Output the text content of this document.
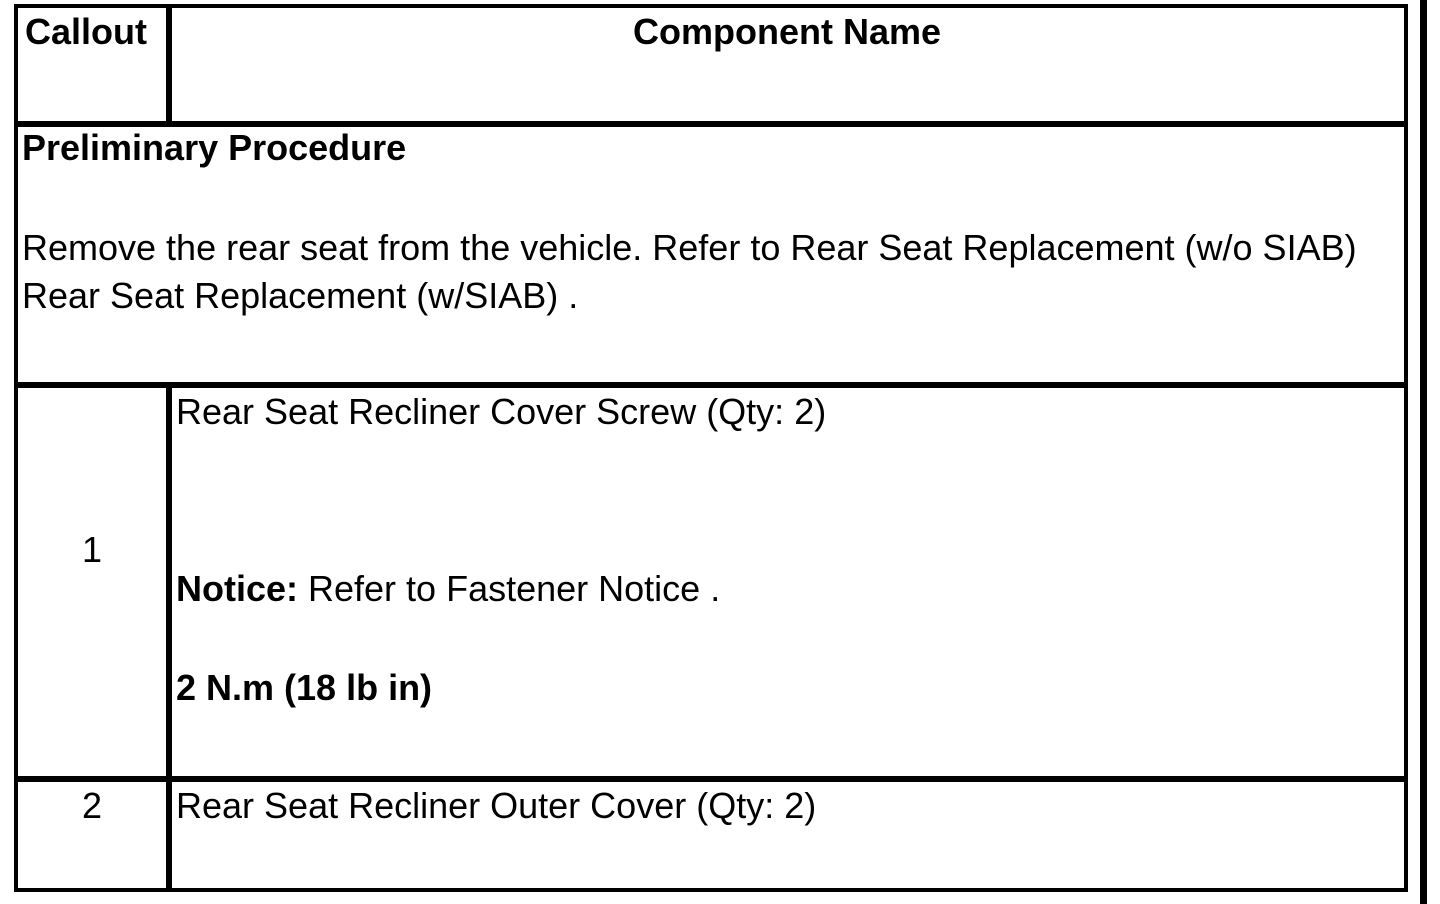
Callout	Component Name
Preliminary Procedure
Remove the rear seat from the vehicle. Refer to Rear Seat Replacement (w/o SIAB) Rear Seat Replacement (w/SIAB) .
1
Rear Seat Recliner Cover Screw (Qty: 2)
Notice: Refer to Fastener Notice .
2 N.m (18 lb in)
2	Rear Seat Recliner Outer Cover (Qty: 2)
